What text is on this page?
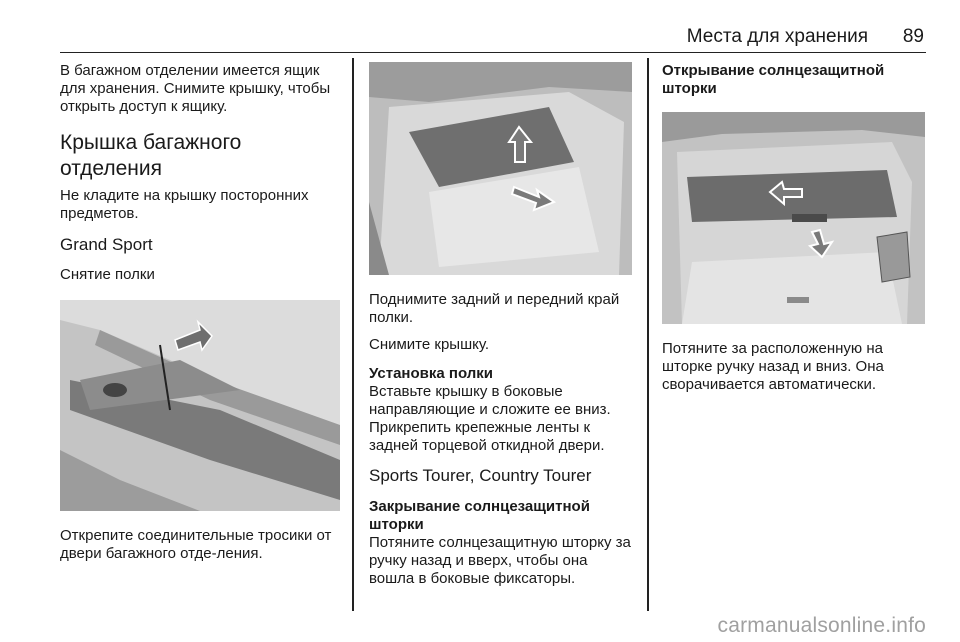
Места для хранения 89

В багажном отделении имеется ящик для хранения. Снимите крышку, чтобы открыть доступ к ящику.

Крышка багажного отделения

Не кладите на крышку посторонних предметов.

Grand Sport
Снятие полки

Открепите соединительные тросики от двери багажного отде-ления.

Поднимите задний и передний край полки.

Снимите крышку.

Установка полки

Вставьте крышку в боковые направляющие и сложите ее вниз. Прикрепить крепежные ленты к задней торцевой откидной двери.

Sports Tourer, Country Tourer
Закрывание солнцезащитной шторки

Потяните солнцезащитную шторку за ручку назад и вверх, чтобы она вошла в боковые фиксаторы.

Открывание солнцезащитной шторки

Потяните за расположенную на шторке ручку назад и вниз. Она сворачивается автоматически.

carmanualsonline.info
